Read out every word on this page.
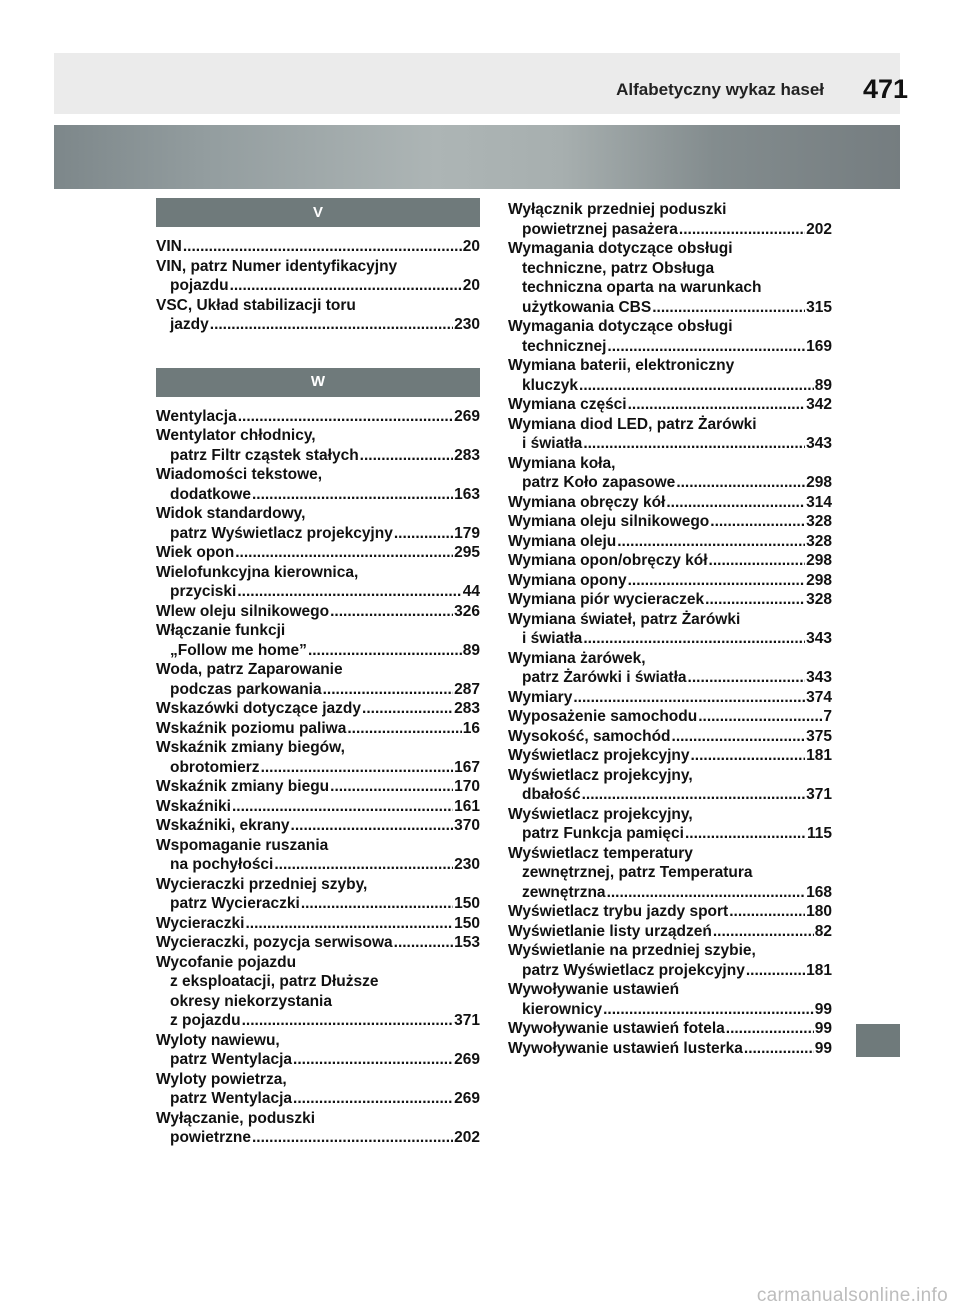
Alfabetyczny wykaz haseł	471
V
VIN .....	20
VIN, patrz Numer identyfikacyjny
pojazdu .....	20
VSC, Układ stabilizacji toru
jazdy .....	230
W
Wentylacja .....	269
Wentylator chłodnicy,
patrz Filtr cząstek stałych .....	283
Wiadomości tekstowe,
dodatkowe .....	163
Widok standardowy,
patrz Wyświetlacz projekcyjny .....	179
Wiek opon .....	295
Wielofunkcyjna kierownica,
przyciski .....	44
Wlew oleju silnikowego .....	326
Włączanie funkcji
„Follow me home” .....	89
Woda, patrz Zaparowanie
podczas parkowania .....	287
Wskazówki dotyczące jazdy .....	283
Wskaźnik poziomu paliwa .....	16
Wskaźnik zmiany biegów,
obrotomierz .....	167
Wskaźnik zmiany biegu .....	170
Wskaźniki .....	161
Wskaźniki, ekrany .....	370
Wspomaganie ruszania
na pochyłości .....	230
Wycieraczki przedniej szyby,
patrz Wycieraczki .....	150
Wycieraczki .....	150
Wycieraczki, pozycja serwisowa .....	153
Wycofanie pojazdu
z eksploatacji, patrz Dłuższe
okresy niekorzystania
z pojazdu .....	371
Wyloty nawiewu,
patrz Wentylacja .....	269
Wyloty powietrza,
patrz Wentylacja .....	269
Wyłączanie, poduszki
powietrzne .....	202
Wyłącznik przedniej poduszki
powietrznej pasażera .....	202
Wymagania dotyczące obsługi
techniczne, patrz Obsługa
techniczna oparta na warunkach
użytkowania CBS .....	315
Wymagania dotyczące obsługi
technicznej .....	169
Wymiana baterii, elektroniczny
kluczyk .....	89
Wymiana części .....	342
Wymiana diod LED, patrz Żarówki
i światła .....	343
Wymiana koła,
patrz Koło zapasowe .....	298
Wymiana obręczy kół .....	314
Wymiana oleju silnikowego .....	328
Wymiana oleju .....	328
Wymiana opon/obręczy kół .....	298
Wymiana opony .....	298
Wymiana piór wycieraczek .....	328
Wymiana świateł, patrz Żarówki
i światła .....	343
Wymiana żarówek,
patrz Żarówki i światła .....	343
Wymiary .....	374
Wyposażenie samochodu .....	7
Wysokość, samochód .....	375
Wyświetlacz projekcyjny .....	181
Wyświetlacz projekcyjny,
dbałość .....	371
Wyświetlacz projekcyjny,
patrz Funkcja pamięci .....	115
Wyświetlacz temperatury
zewnętrznej, patrz Temperatura
zewnętrzna .....	168
Wyświetlacz trybu jazdy sport .....	180
Wyświetlanie listy urządzeń .....	82
Wyświetlanie na przedniej szybie,
patrz Wyświetlacz projekcyjny .....	181
Wywoływanie ustawień
kierownicy .....	99
Wywoływanie ustawień fotela .....	99
Wywoływanie ustawień lusterka .....	99
carmanualsonline.info
